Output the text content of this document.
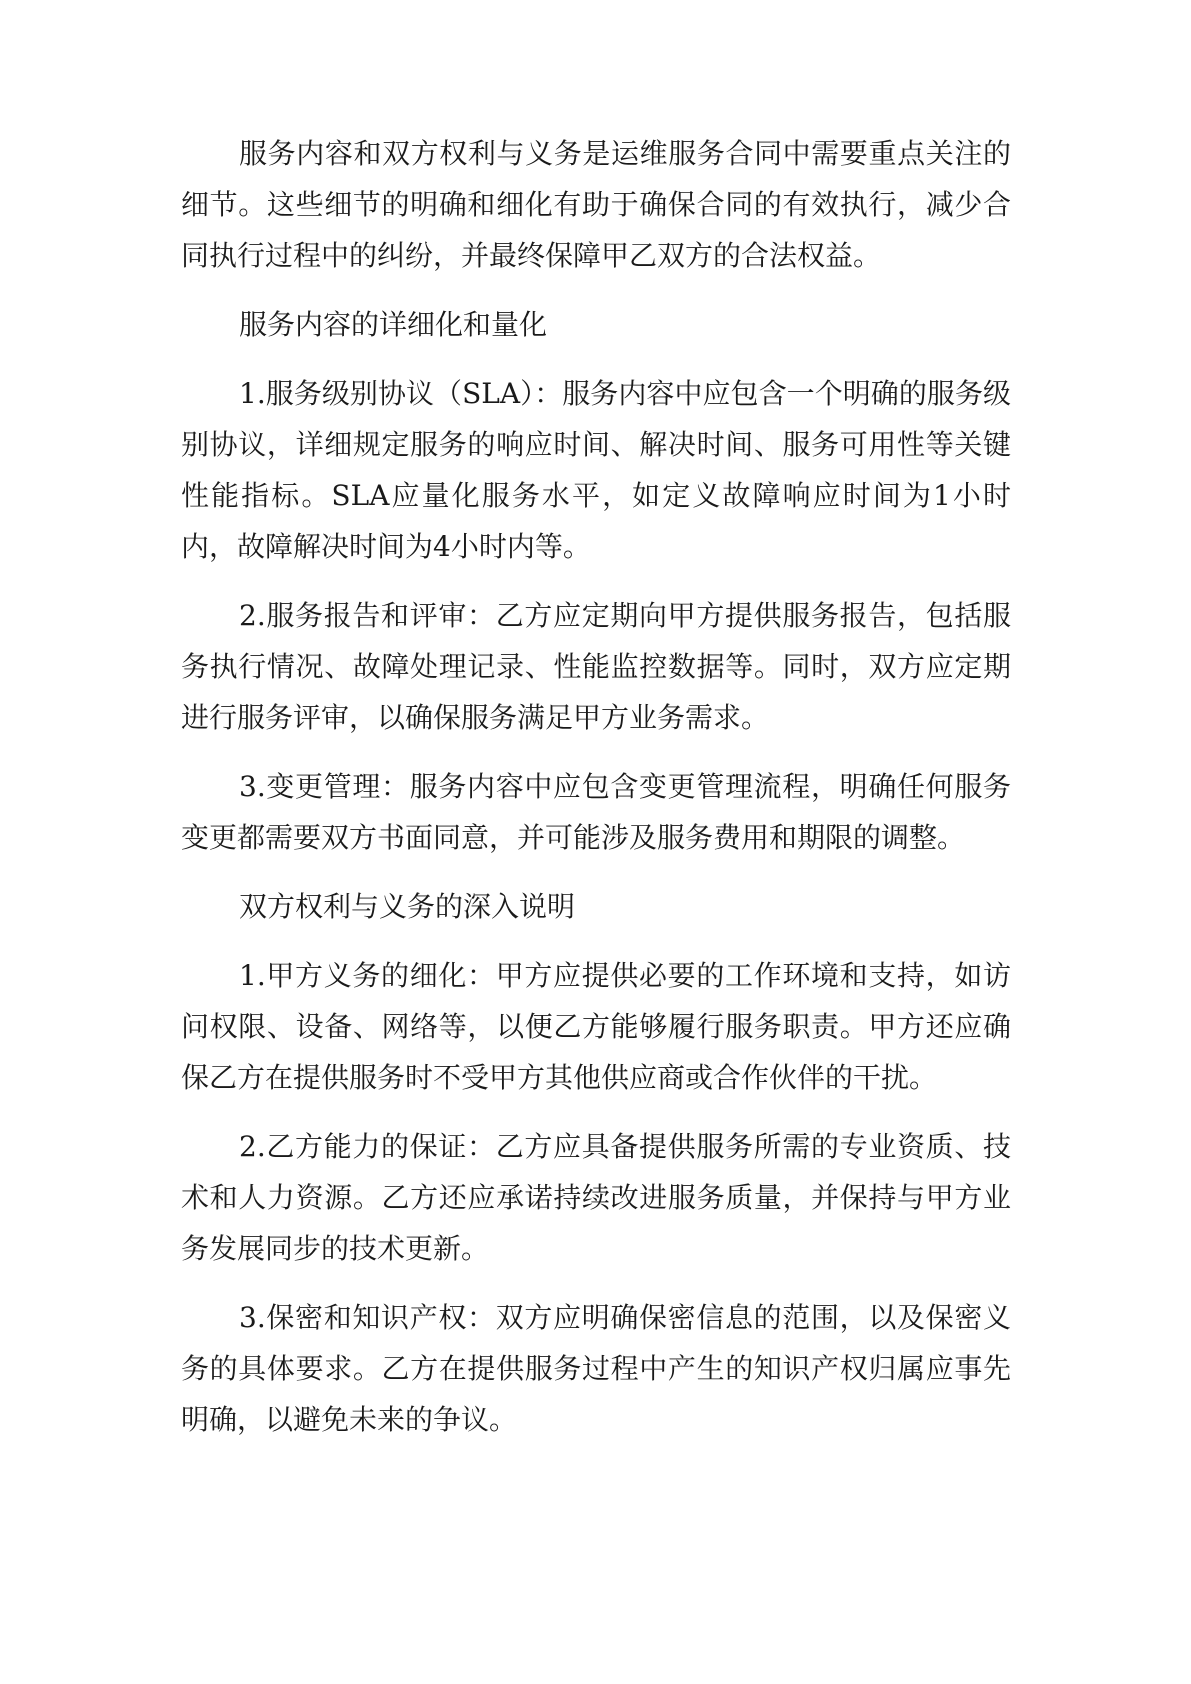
服务内容和双方权利与义务是运维服务合同中需要重点关注的细节。这些细节的明确和细化有助于确保合同的有效执行，减少合同执行过程中的纠纷，并最终保障甲乙双方的合法权益。

服务内容的详细化和量化

1.服务级别协议（SLA）：服务内容中应包含一个明确的服务级别协议，详细规定服务的响应时间、解决时间、服务可用性等关键性能指标。SLA应量化服务水平，如定义故障响应时间为1小时内，故障解决时间为4小时内等。

2.服务报告和评审：乙方应定期向甲方提供服务报告，包括服务执行情况、故障处理记录、性能监控数据等。同时，双方应定期进行服务评审，以确保服务满足甲方业务需求。

3.变更管理：服务内容中应包含变更管理流程，明确任何服务变更都需要双方书面同意，并可能涉及服务费用和期限的调整。

双方权利与义务的深入说明

1.甲方义务的细化：甲方应提供必要的工作环境和支持，如访问权限、设备、网络等，以便乙方能够履行服务职责。甲方还应确保乙方在提供服务时不受甲方其他供应商或合作伙伴的干扰。

2.乙方能力的保证：乙方应具备提供服务所需的专业资质、技术和人力资源。乙方还应承诺持续改进服务质量，并保持与甲方业务发展同步的技术更新。

3.保密和知识产权：双方应明确保密信息的范围，以及保密义务的具体要求。乙方在提供服务过程中产生的知识产权归属应事先明确，以避免未来的争议。
